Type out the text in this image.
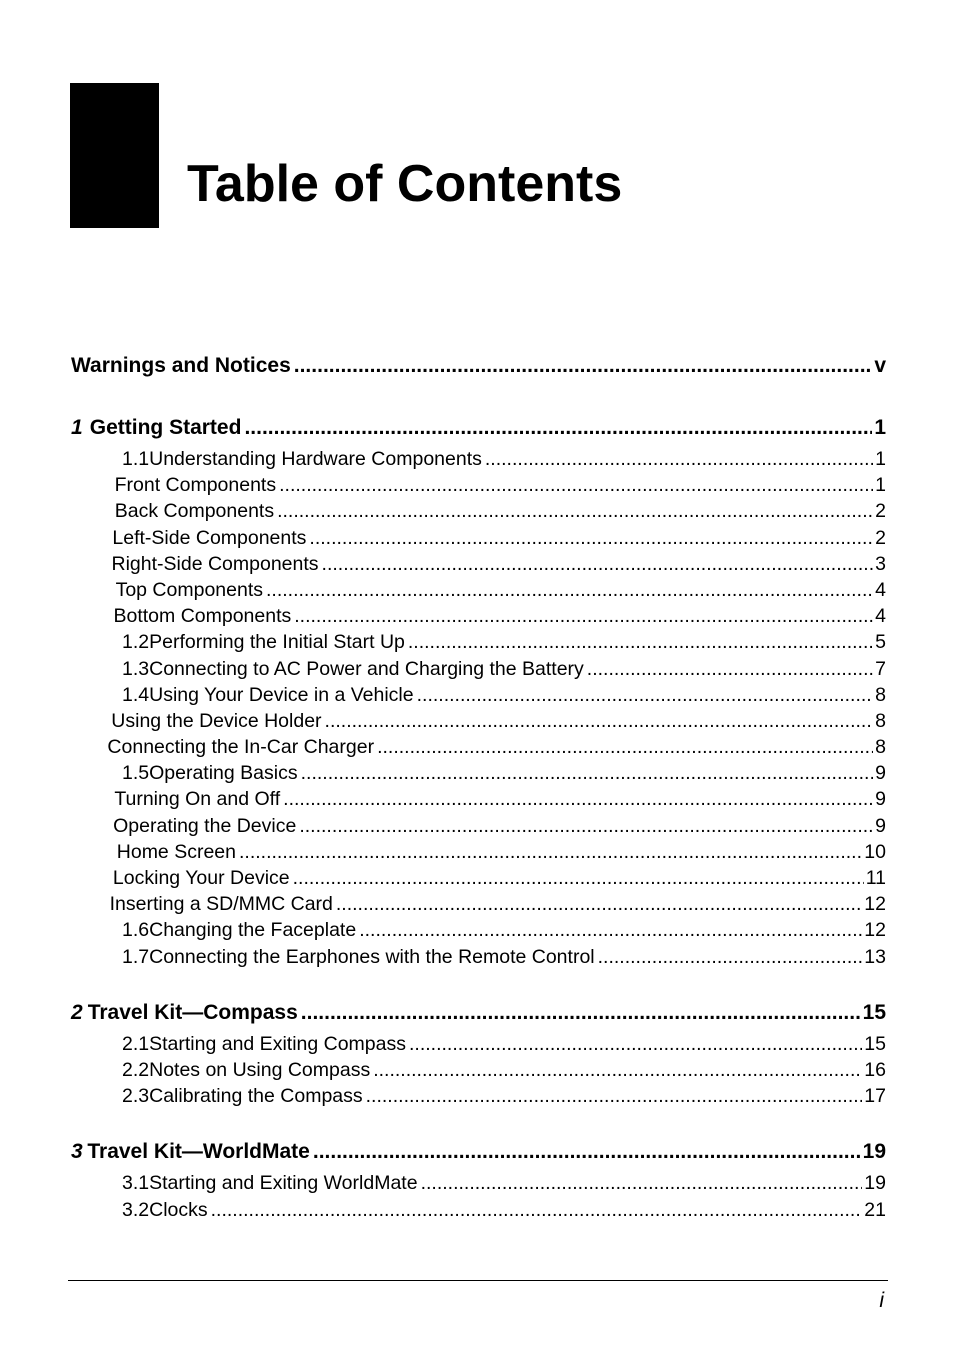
Table of Contents
Warnings and Notices .....	v
1 Getting Started .....	1
1.1 Understanding Hardware Components .....	1
Front Components .....	1
Back Components .....	2
Left-Side Components .....	2
Right-Side Components .....	3
Top Components .....	4
Bottom Components .....	4
1.2 Performing the Initial Start Up .....	5
1.3 Connecting to AC Power and Charging the Battery .....	7
1.4 Using Your Device in a Vehicle .....	8
Using the Device Holder .....	8
Connecting the In-Car Charger .....	8
1.5 Operating Basics .....	9
Turning On and Off .....	9
Operating the Device .....	9
Home Screen .....	10
Locking Your Device .....	11
Inserting a SD/MMC Card .....	12
1.6 Changing the Faceplate .....	12
1.7 Connecting the Earphones with the Remote Control .....	13
2 Travel Kit—Compass .....	15
2.1 Starting and Exiting Compass .....	15
2.2 Notes on Using Compass .....	16
2.3 Calibrating the Compass .....	17
3 Travel Kit—WorldMate .....	19
3.1 Starting and Exiting WorldMate .....	19
3.2 Clocks .....	21
i
